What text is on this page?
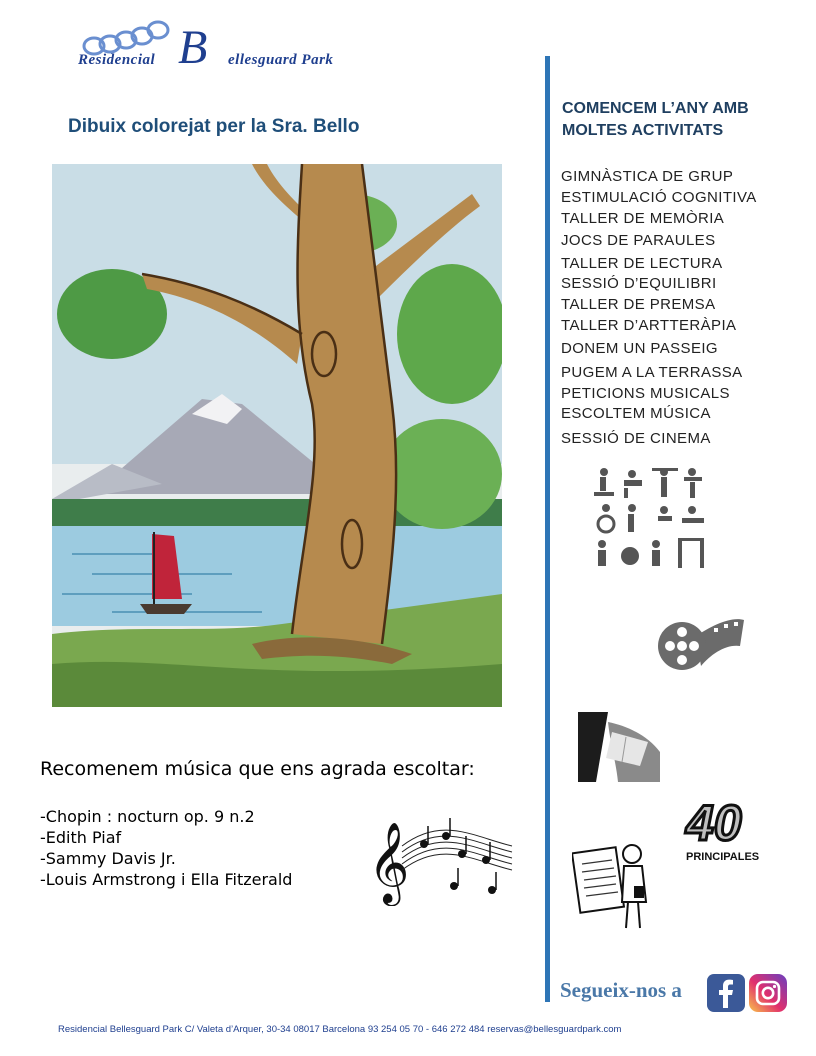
Residencial B ellesguard Park
Dibuix colorejat per la Sra. Bello
Recomenem música que ens agrada escoltar:
-Chopin : nocturn op. 9 n.2
-Edith Piaf
-Sammy Davis Jr.
-Louis Armstrong i Ella Fitzerald 𝄞
COMENCEM L’ANY AMB
MOLTES ACTIVITATS
GIMNÀSTICA DE GRUP
ESTIMULACIÓ COGNITIVA
TALLER DE MEMÒRIA
JOCS DE PARAULES
TALLER DE LECTURA
SESSIÓ D’EQUILIBRI
TALLER DE PREMSA
TALLER D’ARTTERÀPIA
DONEM UN PASSEIG
PUGEM A LA TERRASSA
PETICIONS MUSICALS
ESCOLTEM MÚSICA
SESSIÓ DE CINEMA
40
PRINCIPALES
Segueix-nos a
Residencial Bellesguard Park C/ Valeta d’Arquer, 30-34 08017 Barcelona 93 254 05 70 - 646 272 484 reservas@bellesguardpark.com
